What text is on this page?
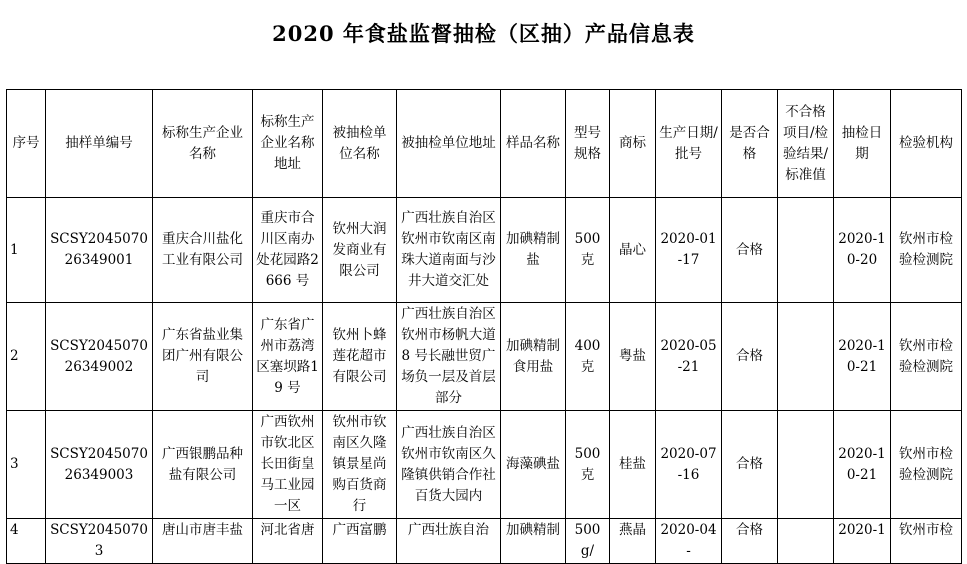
2020 年食盐监督抽检（区抽）产品信息表
序号	抽样单编号	标称生产企业名称	标称生产企业名称地址	被抽检单位名称	被抽检单位地址	样品名称	型号规格	商标	生产日期/批号	是否合格	不合格项目/检验结果/标准值	抽检日期	检验机构
1	SCSY204507026349001	重庆合川盐化工业有限公司	重庆市合川区南办处花园路2666 号	钦州大润发商业有限公司	广西壮族自治区钦州市钦南区南珠大道南面与沙井大道交汇处	加碘精制盐	500 克	晶心	2020-01-17	合格		2020-10-20	钦州市检验检测院
2	SCSY204507026349002	广东省盐业集团广州有限公司	广东省广州市荔湾区塞坝路19 号	钦州卜蜂莲花超市有限公司	广西壮族自治区钦州市杨帆大道 8 号长融世贸广场负一层及首层部分	加碘精制食用盐	400 克	粤盐	2020-05-21	合格		2020-10-21	钦州市检验检测院
3	SCSY204507026349003	广西银鹏品种盐有限公司	广西钦州市钦北区长田街皇马工业园一区	钦州市钦南区久隆镇景星尚购百货商行	广西壮族自治区钦州市钦南区久隆镇供销合作社百货大园内	海藻碘盐	500 克	桂盐	2020-07-16	合格		2020-10-21	钦州市检验检测院
4	SCSY20450703	唐山市唐丰盐	河北省唐	广西富鹏	广西壮族自治	加碘精制	500g/	燕晶	2020-04-	合格		2020-1	钦州市检
